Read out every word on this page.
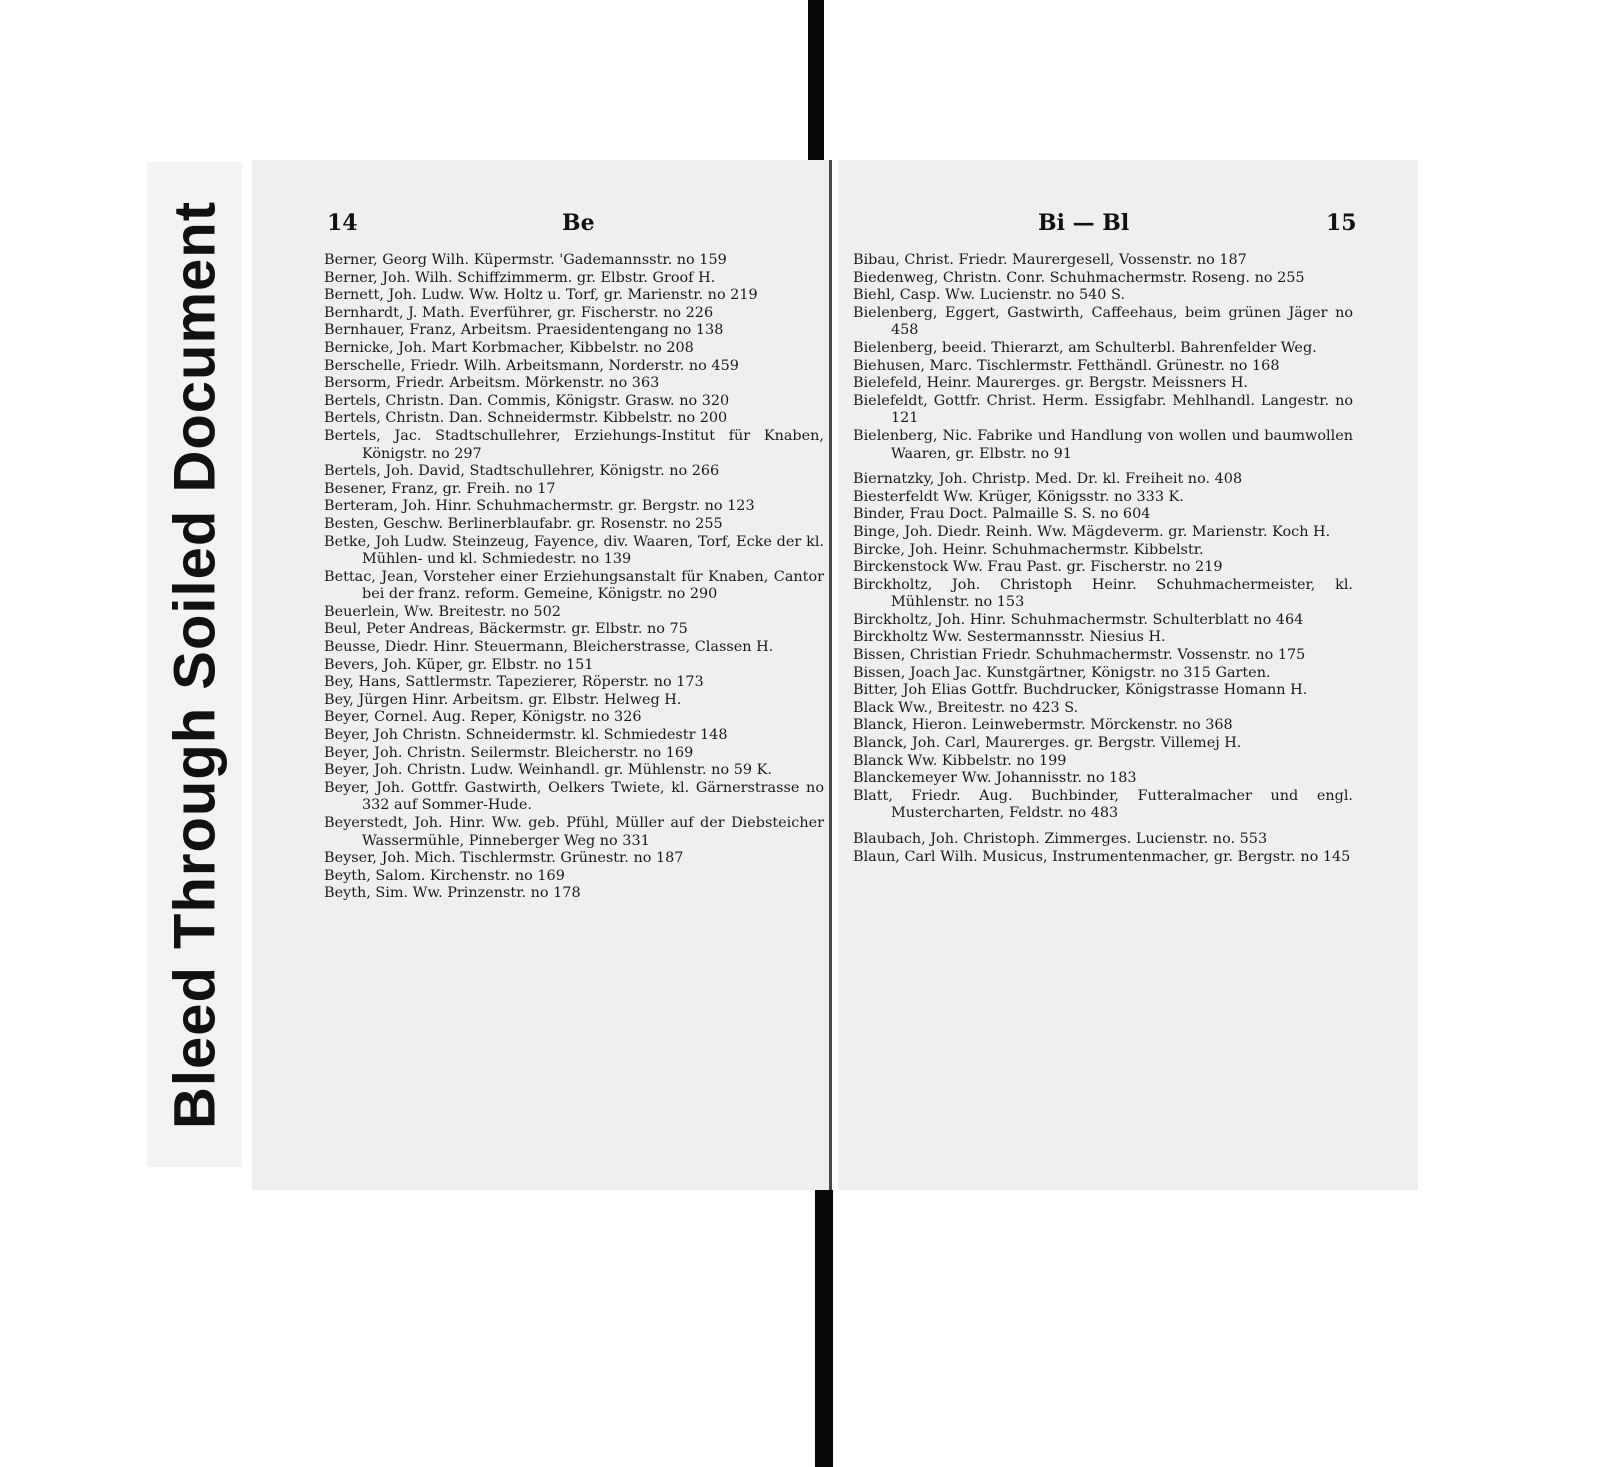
Bleed Through Soiled Document	14	Be
Berner, Georg Wilh. Küpermstr. 'Gademannsstr. no 159
Berner, Joh. Wilh. Schiffzimmerm. gr. Elbstr. Groof H.
Bernett, Joh. Ludw. Ww. Holtz u. Torf, gr. Marienstr. no 219
Bernhardt, J. Math. Everführer, gr. Fischerstr. no 226
Bernhauer, Franz, Arbeitsm. Praesidentengang no 138
Bernicke, Joh. Mart Korbmacher, Kibbelstr. no 208
Berschelle, Friedr. Wilh. Arbeitsmann, Norderstr. no 459
Bersorm, Friedr. Arbeitsm. Mörkenstr. no 363
Bertels, Christn. Dan. Commis, Königstr. Grasw. no 320
Bertels, Christn. Dan. Schneidermstr. Kibbelstr. no 200
Bertels, Jac. Stadtschullehrer, Erziehungs-Institut für Knaben, Königstr. no 297
Bertels, Joh. David, Stadtschullehrer, Königstr. no 266
Besener, Franz, gr. Freih. no 17
Berteram, Joh. Hinr. Schuhmachermstr. gr. Bergstr. no 123
Besten, Geschw. Berlinerblaufabr. gr. Rosenstr. no 255
Betke, Joh Ludw. Steinzeug, Fayence, div. Waaren, Torf, Ecke der kl. Mühlen- und kl. Schmiedestr. no 139
Bettac, Jean, Vorsteher einer Erziehungsanstalt für Knaben, Cantor bei der franz. reform. Gemeine, Königstr. no 290
Beuerlein, Ww. Breitestr. no 502
Beul, Peter Andreas, Bäckermstr. gr. Elbstr. no 75
Beusse, Diedr. Hinr. Steuermann, Bleicherstrasse, Classen H.
Bevers, Joh. Küper, gr. Elbstr. no 151
Bey, Hans, Sattlermstr. Tapezierer, Röperstr. no 173
Bey, Jürgen Hinr. Arbeitsm. gr. Elbstr. Helweg H.
Beyer, Cornel. Aug. Reper, Königstr. no 326
Beyer, Joh Christn. Schneidermstr. kl. Schmiedestr 148
Beyer, Joh. Christn. Seilermstr. Bleicherstr. no 169
Beyer, Joh. Christn. Ludw. Weinhandl. gr. Mühlenstr. no 59 K.
Beyer, Joh. Gottfr. Gastwirth, Oelkers Twiete, kl. Gärnerstrasse no 332 auf Sommer-Hude.
Beyerstedt, Joh. Hinr. Ww. geb. Pfühl, Müller auf der Diebsteicher Wassermühle, Pinneberger Weg no 331
Beyser, Joh. Mich. Tischlermstr. Grünestr. no 187
Beyth, Salom. Kirchenstr. no 169
Beyth, Sim. Ww. Prinzenstr. no 178
Bi — Bl	15
Bibau, Christ. Friedr. Maurergesell, Vossenstr. no 187
Biedenweg, Christn. Conr. Schuhmachermstr. Roseng. no 255
Biehl, Casp. Ww. Lucienstr. no 540 S.
Bielenberg, Eggert, Gastwirth, Caffeehaus, beim grünen Jäger no 458
Bielenberg, beeid. Thierarzt, am Schulterbl. Bahrenfelder Weg.
Biehusen, Marc. Tischlermstr. Fetthändl. Grünestr. no 168
Bielefeld, Heinr. Maurerges. gr. Bergstr. Meissners H.
Bielefeldt, Gottfr. Christ. Herm. Essigfabr. Mehlhandl. Langestr. no 121
Bielenberg, Nic. Fabrike und Handlung von wollen und baumwollen Waaren, gr. Elbstr. no 91
Biernatzky, Joh. Christp. Med. Dr. kl. Freiheit no. 408
Biesterfeldt Ww. Krüger, Königsstr. no 333 K.
Binder, Frau Doct. Palmaille S. S. no 604
Binge, Joh. Diedr. Reinh. Ww. Mägdeverm. gr. Marienstr. Koch H.
Bircke, Joh. Heinr. Schuhmachermstr. Kibbelstr.
Birckenstock Ww. Frau Past. gr. Fischerstr. no 219
Birckholtz, Joh. Christoph Heinr. Schuhmachermeister, kl. Mühlenstr. no 153
Birckholtz, Joh. Hinr. Schuhmachermstr. Schulterblatt no 464
Birckholtz Ww. Sestermannsstr. Niesius H.
Bissen, Christian Friedr. Schuhmachermstr. Vossenstr. no 175
Bissen, Joach Jac. Kunstgärtner, Königstr. no 315 Garten.
Bitter, Joh Elias Gottfr. Buchdrucker, Königstrasse Homann H.
Black Ww., Breitestr. no 423 S.
Blanck, Hieron. Leinwebermstr. Mörckenstr. no 368
Blanck, Joh. Carl, Maurerges. gr. Bergstr. Villemej H.
Blanck Ww. Kibbelstr. no 199
Blanckemeyer Ww. Johannisstr. no 183
Blatt, Friedr. Aug. Buchbinder, Futteralmacher und engl. Mustercharten, Feldstr. no 483
Blaubach, Joh. Christoph. Zimmerges. Lucienstr. no. 553
Blaun, Carl Wilh. Musicus, Instrumentenmacher, gr. Bergstr. no 145
